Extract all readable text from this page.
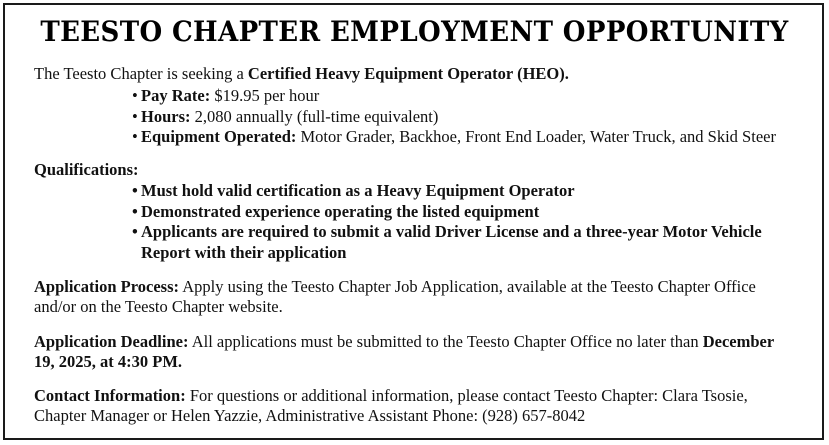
TEESTO CHAPTER EMPLOYMENT OPPORTUNITY
The Teesto Chapter is seeking a Certified Heavy Equipment Operator (HEO).
• Pay Rate: $19.95 per hour
• Hours: 2,080 annually (full-time equivalent)
• Equipment Operated: Motor Grader, Backhoe, Front End Loader, Water Truck, and Skid Steer
Qualifications:
• Must hold valid certification as a Heavy Equipment Operator
• Demonstrated experience operating the listed equipment
• Applicants are required to submit a valid Driver License and a three-year Motor Vehicle Report with their application
Application Process: Apply using the Teesto Chapter Job Application, available at the Teesto Chapter Office and/or on the Teesto Chapter website.
Application Deadline: All applications must be submitted to the Teesto Chapter Office no later than December 19, 2025, at 4:30 PM.
Contact Information: For questions or additional information, please contact Teesto Chapter: Clara Tsosie, Chapter Manager or Helen Yazzie, Administrative Assistant Phone: (928) 657-8042
